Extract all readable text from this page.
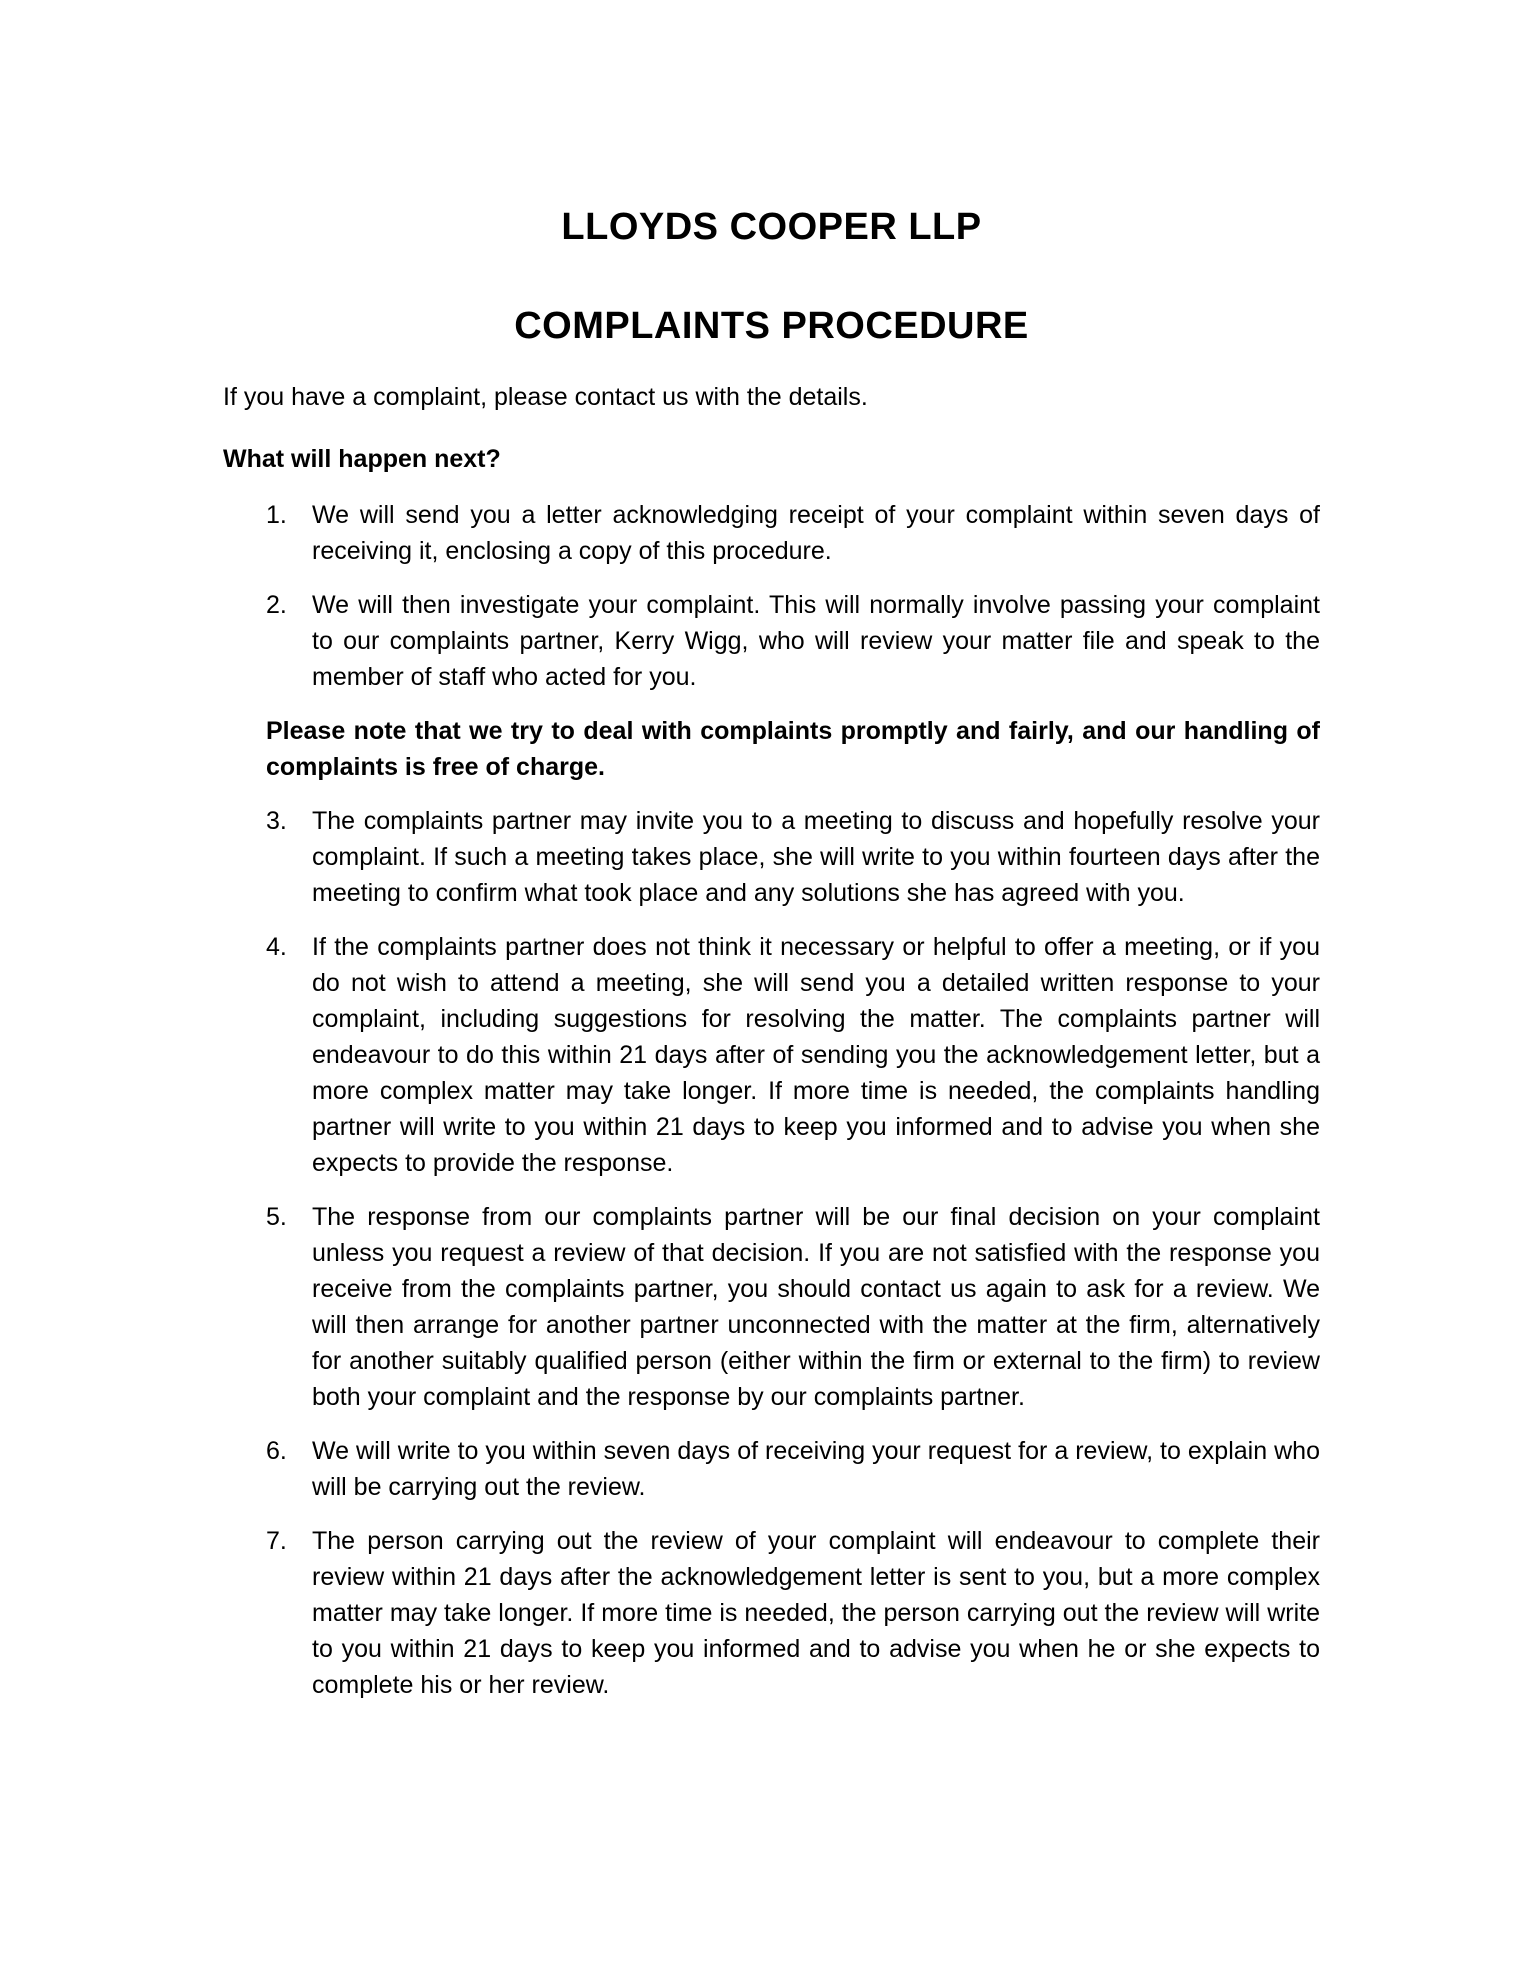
LLOYDS COOPER LLP
COMPLAINTS PROCEDURE

If you have a complaint, please contact us with the details.

What will happen next?

1.	We will send you a letter acknowledging receipt of your complaint within seven days of receiving it, enclosing a copy of this procedure.

2.	We will then investigate your complaint. This will normally involve passing your complaint to our complaints partner, Kerry Wigg, who will review your matter file and speak to the member of staff who acted for you.

Please note that we try to deal with complaints promptly and fairly, and our handling of complaints is free of charge.

3.	The complaints partner may invite you to a meeting to discuss and hopefully resolve your complaint. If such a meeting takes place, she will write to you within fourteen days after the meeting to confirm what took place and any solutions she has agreed with you.

4.	If the complaints partner does not think it necessary or helpful to offer a meeting, or if you do not wish to attend a meeting, she will send you a detailed written response to your complaint, including suggestions for resolving the matter. The complaints partner will endeavour to do this within 21 days after of sending you the acknowledgement letter, but a more complex matter may take longer. If more time is needed, the complaints handling partner will write to you within 21 days to keep you informed and to advise you when she expects to provide the response.

5.	The response from our complaints partner will be our final decision on your complaint unless you request a review of that decision. If you are not satisfied with the response you receive from the complaints partner, you should contact us again to ask for a review. We will then arrange for another partner unconnected with the matter at the firm, alternatively for another suitably qualified person (either within the firm or external to the firm) to review both your complaint and the response by our complaints partner.

6.	We will write to you within seven days of receiving your request for a review, to explain who will be carrying out the review.

7.	The person carrying out the review of your complaint will endeavour to complete their review within 21 days after the acknowledgement letter is sent to you, but a more complex matter may take longer. If more time is needed, the person carrying out the review will write to you within 21 days to keep you informed and to advise you when he or she expects to complete his or her review.
